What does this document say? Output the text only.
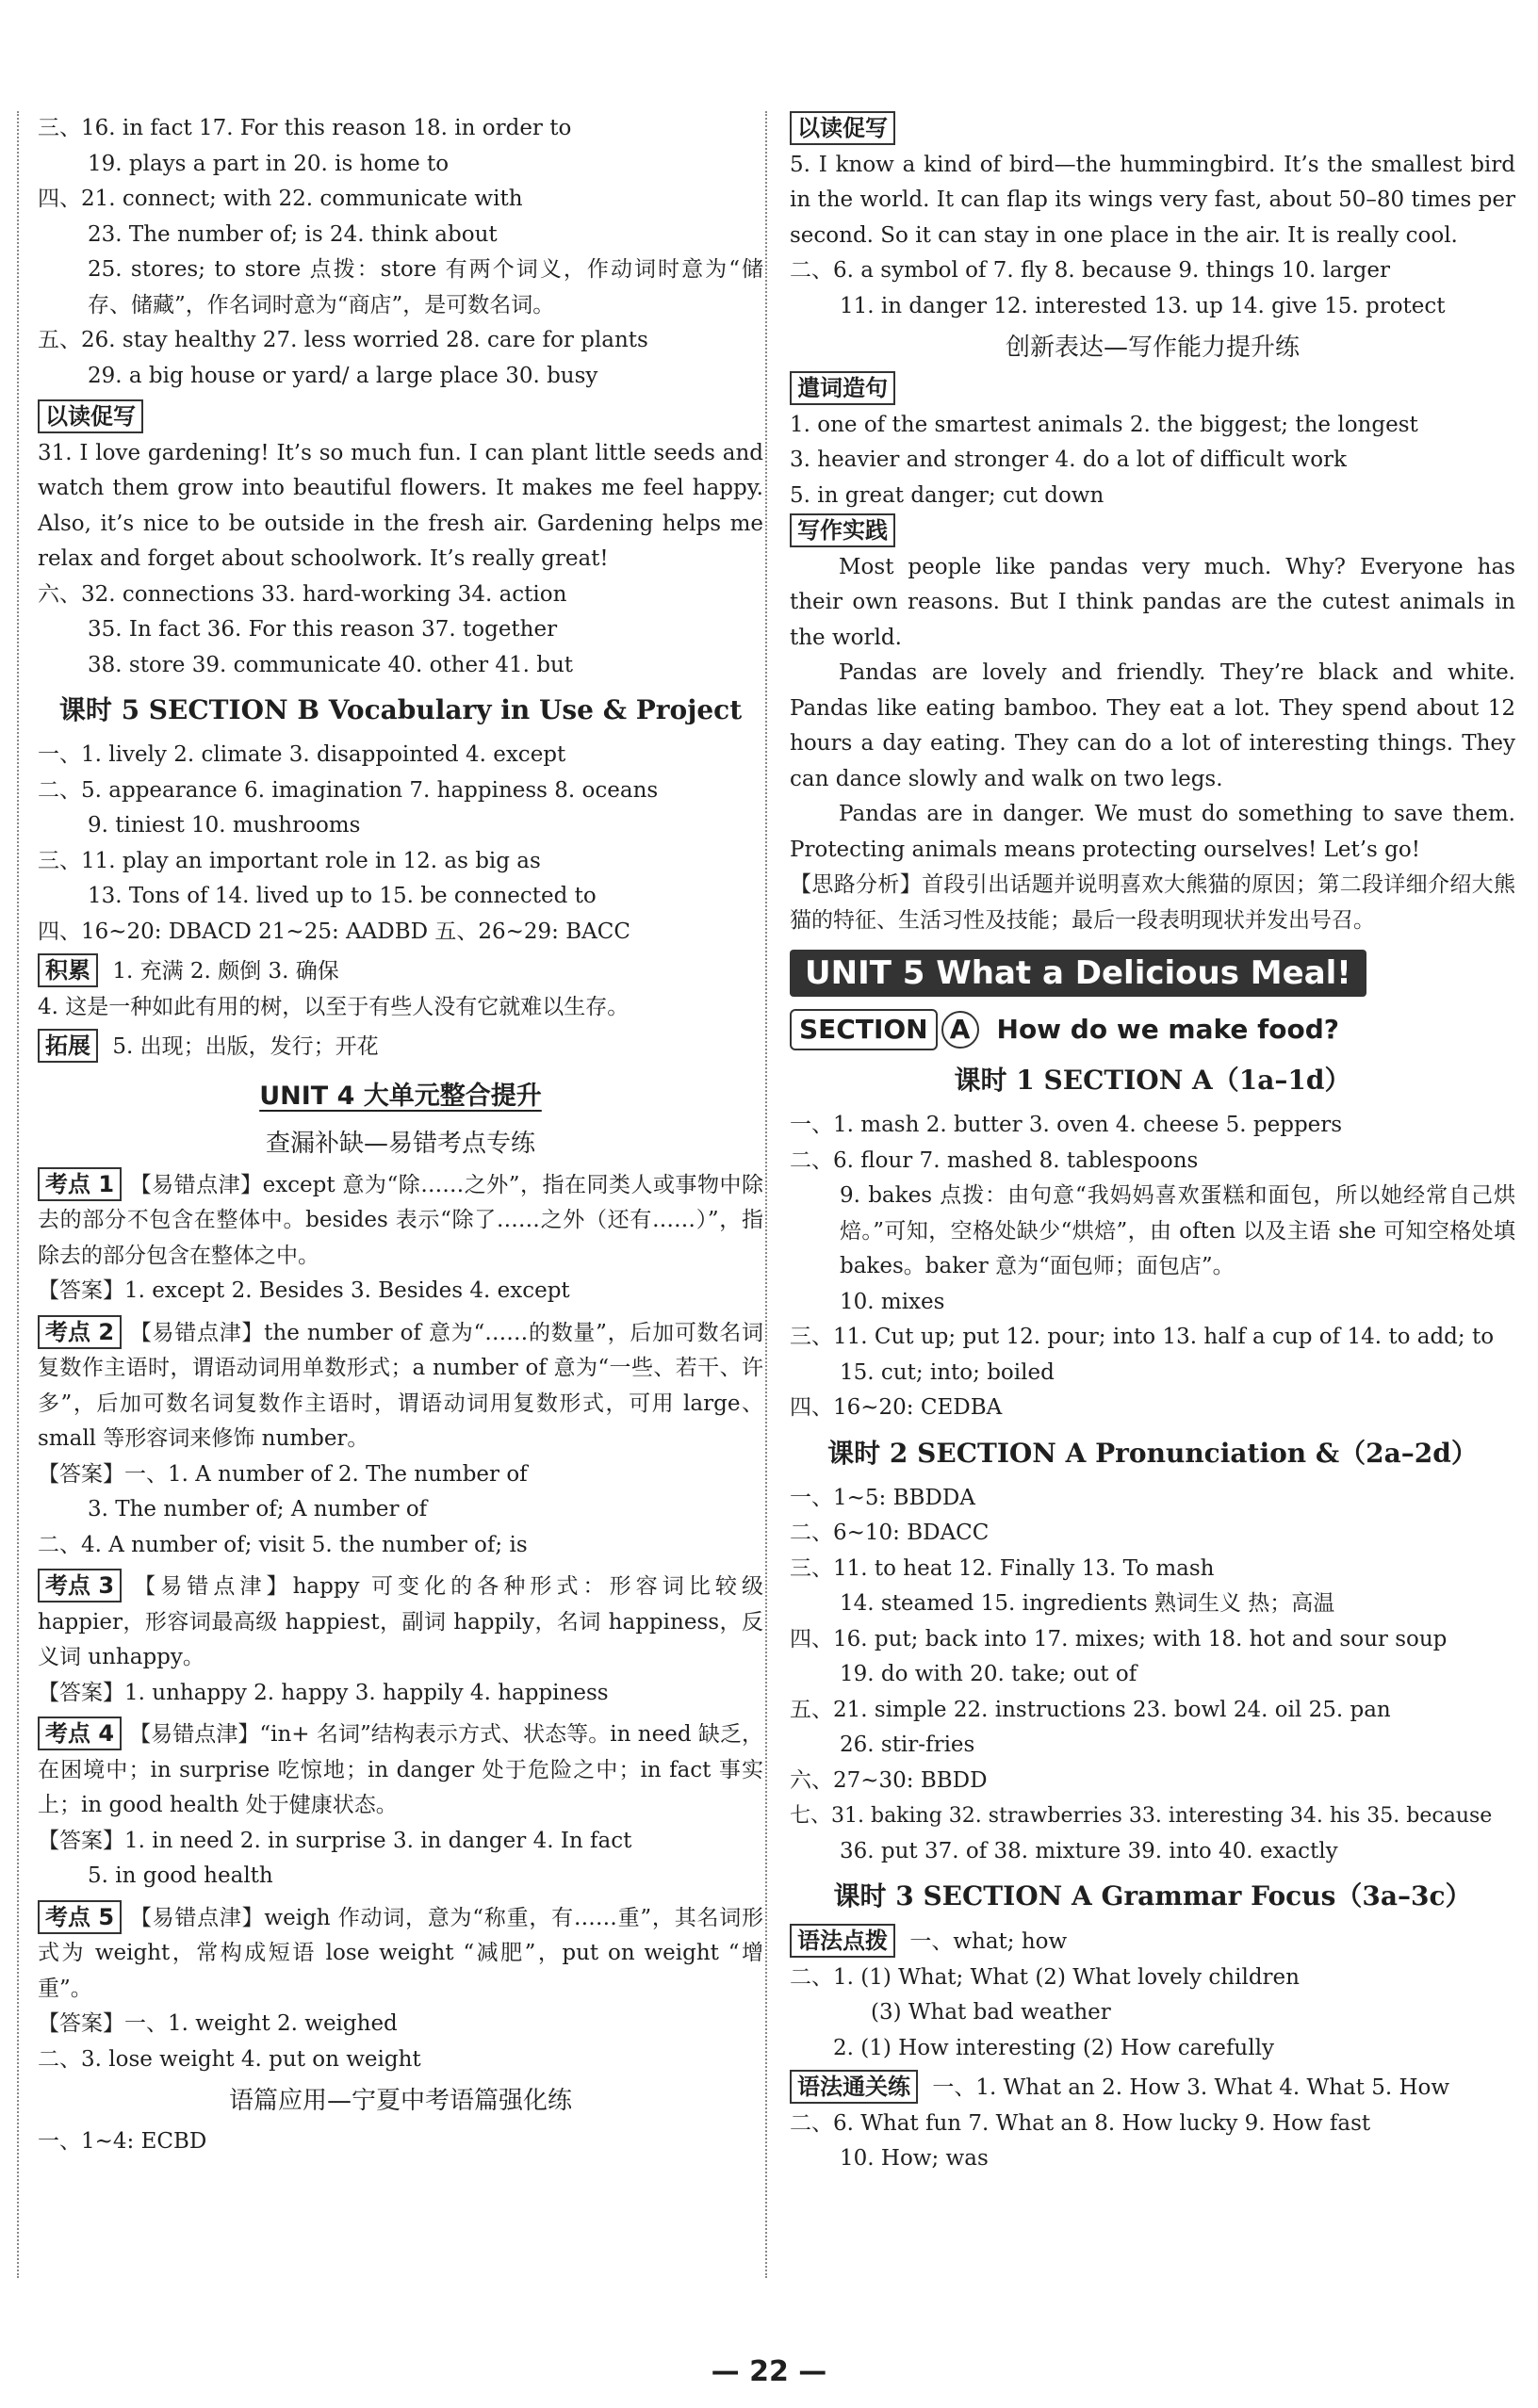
三、16. in fact 17. For this reason 18. in order to
19. plays a part in 20. is home to
四、21. connect; with 22. communicate with
23. The number of; is 24. think about
25. stores; to store 点拨：store 有两个词义，作动词时意为“储存、储藏”，作名词时意为“商店”，是可数名词。
五、26. stay healthy 27. less worried 28. care for plants
29. a big house or yard/ a large place 30. busy
以读促写
31. I love gardening! It’s so much fun. I can plant little seeds and watch them grow into beautiful flowers. It makes me feel happy. Also, it’s nice to be outside in the fresh air. Gardening helps me relax and forget about schoolwork. It’s really great!
六、32. connections 33. hard-working 34. action
35. In fact 36. For this reason 37. together
38. store 39. communicate 40. other 41. but
课时 5 SECTION B Vocabulary in Use & Project
一、1. lively 2. climate 3. disappointed 4. except
二、5. appearance 6. imagination 7. happiness 8. oceans
9. tiniest 10. mushrooms
三、11. play an important role in 12. as big as
13. Tons of 14. lived up to 15. be connected to
四、16~20: DBACD 21~25: AADBD 五、26~29: BACC
积累 1. 充满 2. 颇倒 3. 确保
4. 这是一种如此有用的树，以至于有些人没有它就难以生存。
拓展 5. 出现；出版，发行；开花
UNIT 4 大单元整合提升
查漏补缺—易错考点专练
考点 1 【易错点津】except 意为“除……之外”，指在同类人或事物中除去的部分不包含在整体中。besides 表示“除了……之外（还有……）”，指除去的部分包含在整体之中。
【答案】1. except 2. Besides 3. Besides 4. except
考点 2 【易错点津】the number of 意为“……的数量”，后加可数名词复数作主语时，谓语动词用单数形式；a number of 意为“一些、若干、许多”，后加可数名词复数作主语时，谓语动词用复数形式，可用 large、small 等形容词来修饰 number。
【答案】一、1. A number of 2. The number of
3. The number of; A number of
二、4. A number of; visit 5. the number of; is
考点 3 【易错点津】happy 可变化的各种形式：形容词比较级 happier，形容词最高级 happiest，副词 happily，名词 happiness，反义词 unhappy。
【答案】1. unhappy 2. happy 3. happily 4. happiness
考点 4 【易错点津】“in+ 名词”结构表示方式、状态等。in need 缺乏，在困境中；in surprise 吃惊地；in danger 处于危险之中；in fact 事实上；in good health 处于健康状态。
【答案】1. in need 2. in surprise 3. in danger 4. In fact
5. in good health
考点 5 【易错点津】weigh 作动词，意为“称重，有……重”，其名词形式为 weight，常构成短语 lose weight “减肥”，put on weight “增重”。
【答案】一、1. weight 2. weighed
二、3. lose weight 4. put on weight
语篇应用—宁夏中考语篇强化练
一、1~4: ECBD
以读促写
5. I know a kind of bird—the hummingbird. It’s the smallest bird in the world. It can flap its wings very fast, about 50–80 times per second. So it can stay in one place in the air. It is really cool.
二、6. a symbol of 7. fly 8. because 9. things 10. larger
11. in danger 12. interested 13. up 14. give 15. protect
创新表达—写作能力提升练
遣词造句
1. one of the smartest animals 2. the biggest; the longest
3. heavier and stronger 4. do a lot of difficult work
5. in great danger; cut down
写作实践
Most people like pandas very much. Why? Everyone has their own reasons. But I think pandas are the cutest animals in the world.
Pandas are lovely and friendly. They’re black and white. Pandas like eating bamboo. They eat a lot. They spend about 12 hours a day eating. They can do a lot of interesting things. They can dance slowly and walk on two legs.
Pandas are in danger. We must do something to save them. Protecting animals means protecting ourselves! Let’s go!
【思路分析】首段引出话题并说明喜欢大熊猫的原因；第二段详细介绍大熊猫的特征、生活习性及技能；最后一段表明现状并发出号召。
UNIT 5 What a Delicious Meal!
SECTION A How do we make food?
课时 1 SECTION A（1a–1d）
一、1. mash 2. butter 3. oven 4. cheese 5. peppers
二、6. flour 7. mashed 8. tablespoons
9. bakes 点拨：由句意“我妈妈喜欢蛋糕和面包，所以她经常自己烘焙。”可知，空格处缺少“烘焙”，由 often 以及主语 she 可知空格处填 bakes。baker 意为“面包师；面包店”。
10. mixes
三、11. Cut up; put 12. pour; into 13. half a cup of 14. to add; to
15. cut; into; boiled
四、16~20: CEDBA
课时 2 SECTION A Pronunciation &（2a–2d）
一、1~5: BBDDA
二、6~10: BDACC
三、11. to heat 12. Finally 13. To mash
14. steamed 15. ingredients 熟词生义 热；高温
四、16. put; back into 17. mixes; with 18. hot and sour soup
19. do with 20. take; out of
五、21. simple 22. instructions 23. bowl 24. oil 25. pan
26. stir-fries
六、27~30: BBDD
七、31. baking 32. strawberries 33. interesting 34. his 35. because
36. put 37. of 38. mixture 39. into 40. exactly
课时 3 SECTION A Grammar Focus（3a–3c）
语法点拨 一、what; how
二、1. (1) What; What (2) What lovely children
(3) What bad weather
2. (1) How interesting (2) How carefully
语法通关练 一、1. What an 2. How 3. What 4. What 5. How
二、6. What fun 7. What an 8. How lucky 9. How fast
10. How; was
— 22 —
